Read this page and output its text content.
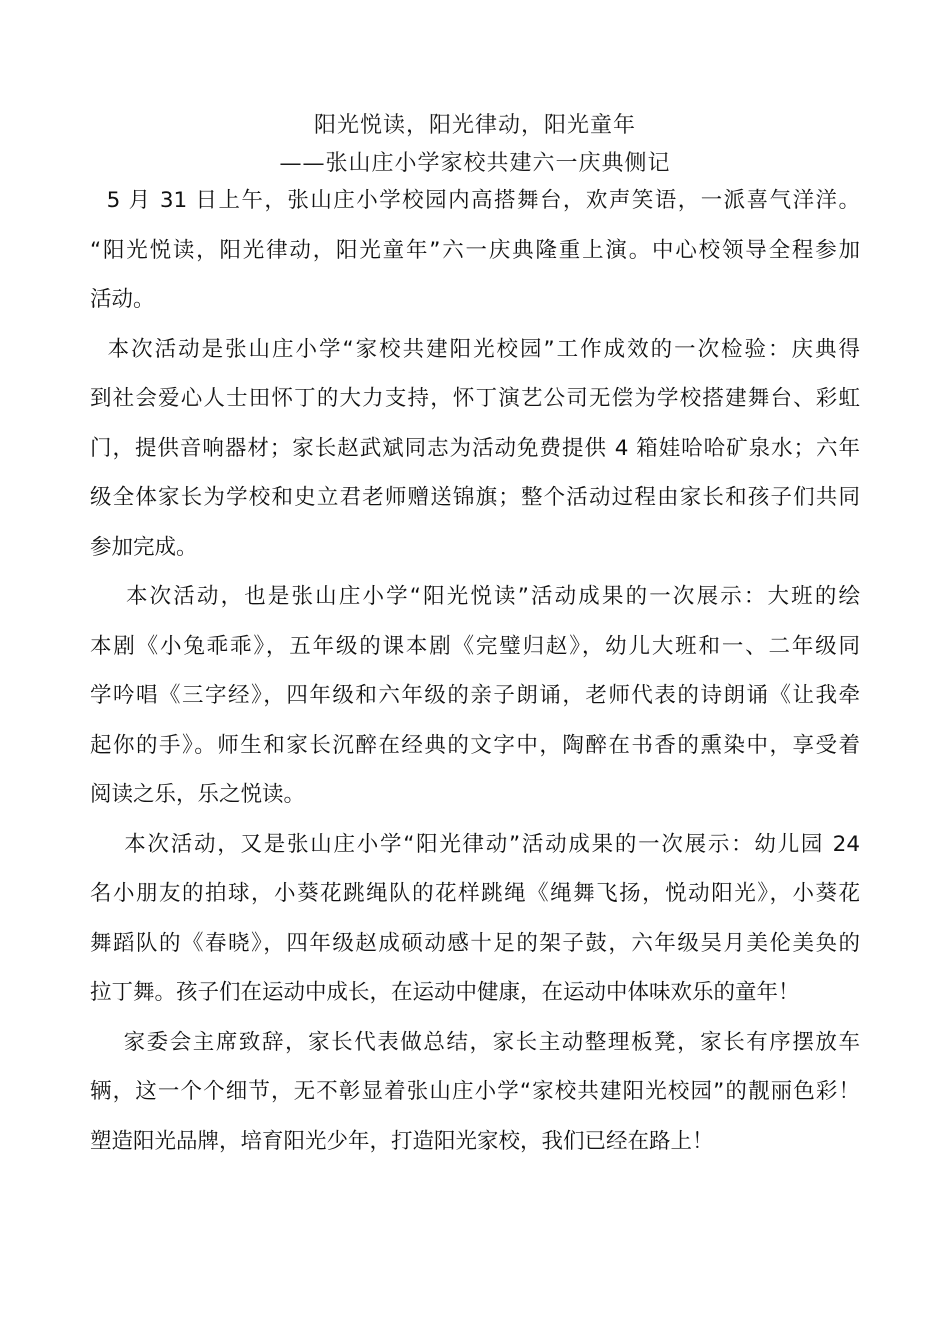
阳光悦读，阳光律动，阳光童年
——张山庄小学家校共建六一庆典侧记
5 月 31 日上午，张山庄小学校园内高搭舞台，欢声笑语，一派喜气洋洋。
“阳光悦读，阳光律动，阳光童年”六一庆典隆重上演。中心校领导全程参加
活动。
本次活动是张山庄小学“家校共建阳光校园”工作成效的一次检验：庆典得
到社会爱心人士田怀丁的大力支持，怀丁演艺公司无偿为学校搭建舞台、彩虹
门，提供音响器材；家长赵武斌同志为活动免费提供 4 箱娃哈哈矿泉水；六年
级全体家长为学校和史立君老师赠送锦旗；整个活动过程由家长和孩子们共同
参加完成。
本次活动，也是张山庄小学“阳光悦读”活动成果的一次展示：大班的绘
本剧《小兔乖乖》，五年级的课本剧《完璧归赵》，幼儿大班和一、二年级同
学吟唱《三字经》，四年级和六年级的亲子朗诵，老师代表的诗朗诵《让我牵
起你的手》。师生和家长沉醉在经典的文字中，陶醉在书香的熏染中，享受着
阅读之乐，乐之悦读。
本次活动，又是张山庄小学“阳光律动”活动成果的一次展示：幼儿园 24
名小朋友的拍球，小葵花跳绳队的花样跳绳《绳舞飞扬，悦动阳光》，小葵花
舞蹈队的《春晓》，四年级赵成硕动感十足的架子鼓，六年级吴月美伦美奂的
拉丁舞。孩子们在运动中成长，在运动中健康，在运动中体味欢乐的童年！
家委会主席致辞，家长代表做总结，家长主动整理板凳，家长有序摆放车
辆，这一个个细节，无不彰显着张山庄小学“家校共建阳光校园”的靓丽色彩！
塑造阳光品牌，培育阳光少年，打造阳光家校，我们已经在路上！
